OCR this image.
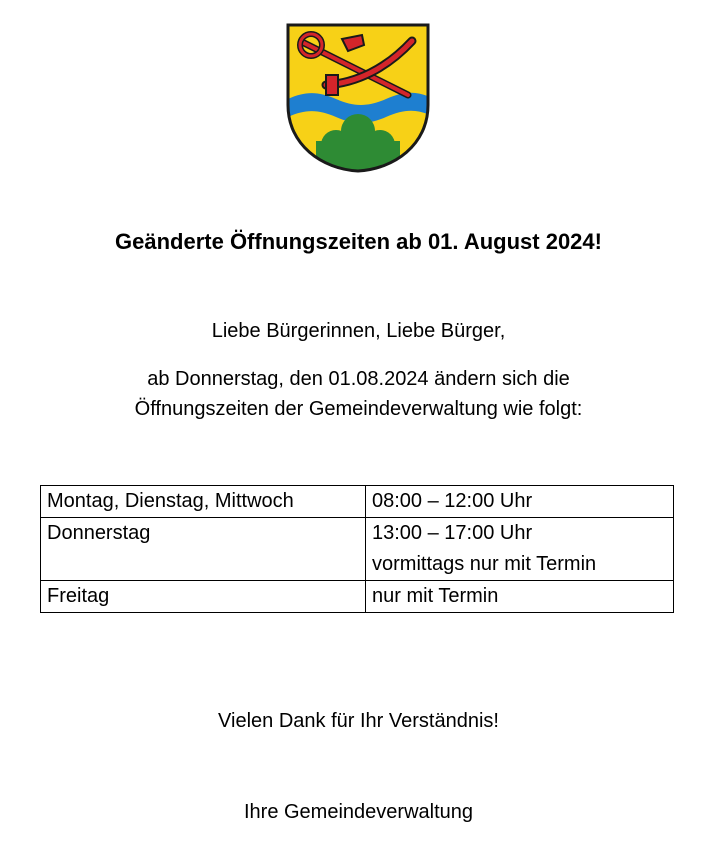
Geänderte Öffnungszeiten ab 01. August 2024!
Liebe Bürgerinnen, Liebe Bürger,
ab Donnerstag, den 01.08.2024 ändern sich die
Öffnungszeiten der Gemeindeverwaltung wie folgt:
Montag, Dienstag, Mittwoch	08:00 – 12:00 Uhr

Donnerstag	13:00 – 17:00 Uhr
vormittags nur mit Termin

Freitag	nur mit Termin
Vielen Dank für Ihr Verständnis!
Ihre Gemeindeverwaltung
